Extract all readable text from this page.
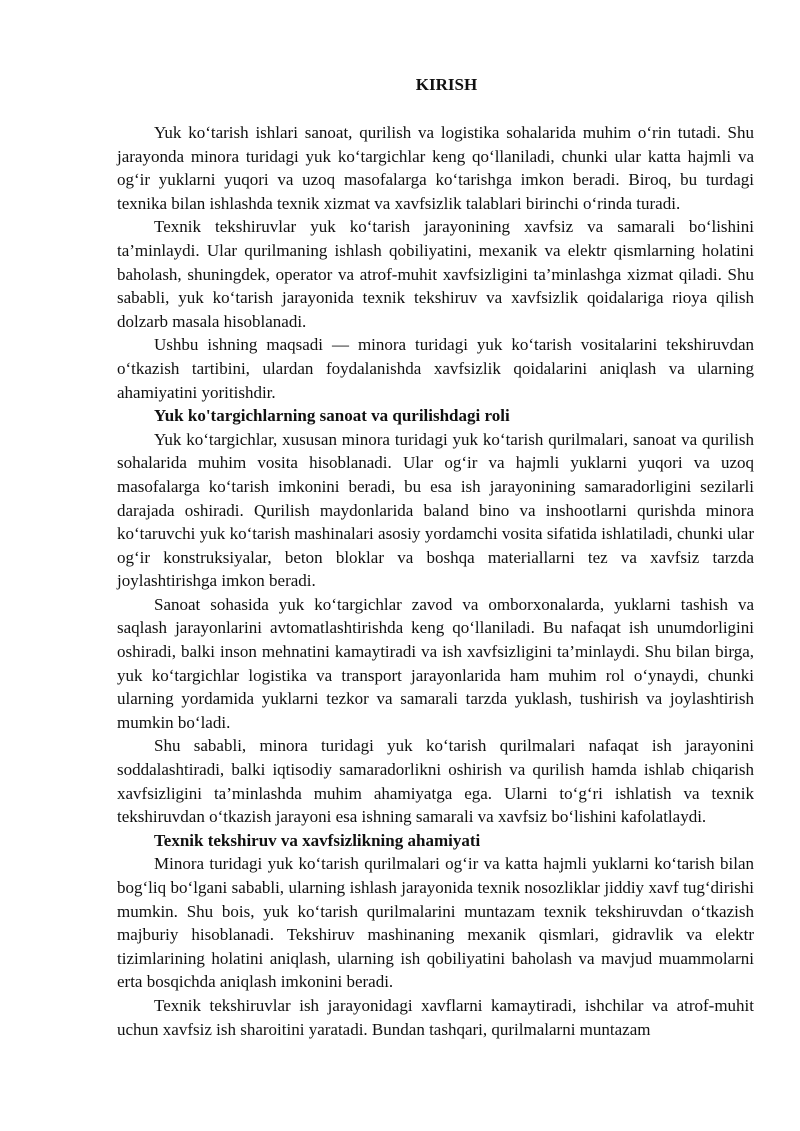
KIRISH

Yuk ko‘tarish ishlari sanoat, qurilish va logistika sohalarida muhim o‘rin tutadi. Shu jarayonda minora turidagi yuk ko‘targichlar keng qo‘llaniladi, chunki ular katta hajmli va og‘ir yuklarni yuqori va uzoq masofalarga ko‘tarishga imkon beradi. Biroq, bu turdagi texnika bilan ishlashda texnik xizmat va xavfsizlik talablari birinchi o‘rinda turadi.

Texnik tekshiruvlar yuk ko‘tarish jarayonining xavfsiz va samarali bo‘lishini ta’minlaydi. Ular qurilmaning ishlash qobiliyatini, mexanik va elektr qismlarning holatini baholash, shuningdek, operator va atrof-muhit xavfsizligini ta’minlashga xizmat qiladi. Shu sababli, yuk ko‘tarish jarayonida texnik tekshiruv va xavfsizlik qoidalariga rioya qilish dolzarb masala hisoblanadi.

Ushbu ishning maqsadi — minora turidagi yuk ko‘tarish vositalarini tekshiruvdan o‘tkazish tartibini, ulardan foydalanishda xavfsizlik qoidalarini aniqlash va ularning ahamiyatini yoritishdir.

Yuk ko'targichlarning sanoat va qurilishdagi roli

Yuk ko‘targichlar, xususan minora turidagi yuk ko‘tarish qurilmalari, sanoat va qurilish sohalarida muhim vosita hisoblanadi. Ular og‘ir va hajmli yuklarni yuqori va uzoq masofalarga ko‘tarish imkonini beradi, bu esa ish jarayonining samaradorligini sezilarli darajada oshiradi. Qurilish maydonlarida baland bino va inshootlarni qurishda minora ko‘taruvchi yuk ko‘tarish mashinalari asosiy yordamchi vosita sifatida ishlatiladi, chunki ular og‘ir konstruksiyalar, beton bloklar va boshqa materiallarni tez va xavfsiz tarzda joylashtirishga imkon beradi.

Sanoat sohasida yuk ko‘targichlar zavod va omborxonalarda, yuklarni tashish va saqlash jarayonlarini avtomatlashtirishda keng qo‘llaniladi. Bu nafaqat ish unumdorligini oshiradi, balki inson mehnatini kamaytiradi va ish xavfsizligini ta’minlaydi. Shu bilan birga, yuk ko‘targichlar logistika va transport jarayonlarida ham muhim rol o‘ynaydi, chunki ularning yordamida yuklarni tezkor va samarali tarzda yuklash, tushirish va joylashtirish mumkin bo‘ladi.

Shu sababli, minora turidagi yuk ko‘tarish qurilmalari nafaqat ish jarayonini soddalashtiradi, balki iqtisodiy samaradorlikni oshirish va qurilish hamda ishlab chiqarish xavfsizligini ta’minlashda muhim ahamiyatga ega. Ularni to‘g‘ri ishlatish va texnik tekshiruvdan o‘tkazish jarayoni esa ishning samarali va xavfsiz bo‘lishini kafolatlaydi.

Texnik tekshiruv va xavfsizlikning ahamiyati

Minora turidagi yuk ko‘tarish qurilmalari og‘ir va katta hajmli yuklarni ko‘tarish bilan bog‘liq bo‘lgani sababli, ularning ishlash jarayonida texnik nosozliklar jiddiy xavf tug‘dirishi mumkin. Shu bois, yuk ko‘tarish qurilmalarini muntazam texnik tekshiruvdan o‘tkazish majburiy hisoblanadi. Tekshiruv mashinaning mexanik qismlari, gidravlik va elektr tizimlarining holatini aniqlash, ularning ish qobiliyatini baholash va mavjud muammolarni erta bosqichda aniqlash imkonini beradi.

Texnik tekshiruvlar ish jarayonidagi xavflarni kamaytiradi, ishchilar va atrof-muhit uchun xavfsiz ish sharoitini yaratadi. Bundan tashqari, qurilmalarni muntazam
